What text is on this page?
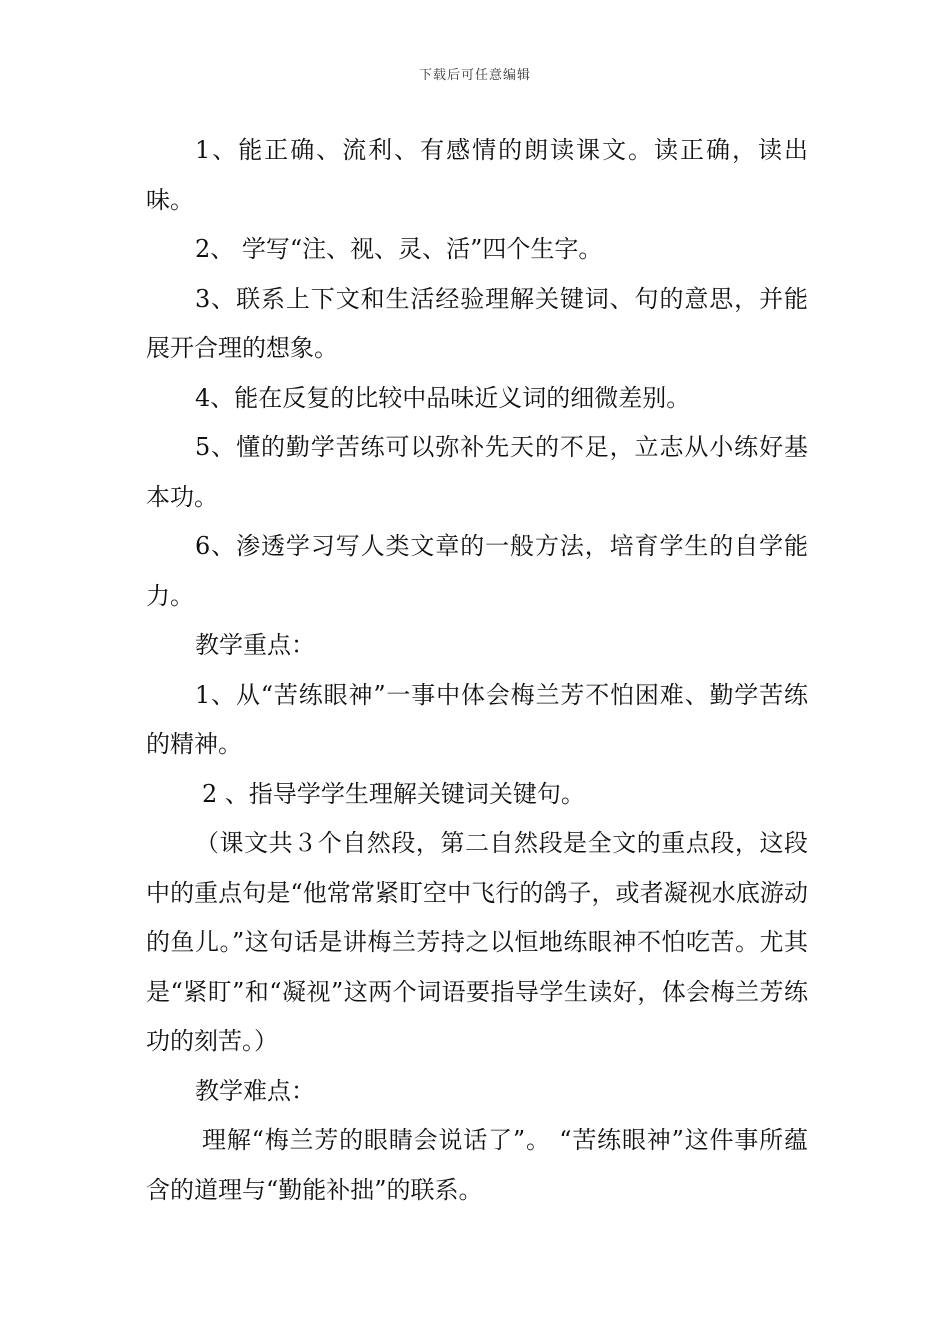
下载后可任意编辑

1、能正确、流利、有感情的朗读课文。读正确，读出味。

2、 学写“注、视、灵、活”四个生字。

3、联系上下文和生活经验理解关键词、句的意思，并能展开合理的想象。

4、能在反复的比较中品味近义词的细微差别。

5、懂的勤学苦练可以弥补先天的不足，立志从小练好基本功。

6、渗透学习写人类文章的一般方法，培育学生的自学能力。

教学重点：

1、从“苦练眼神”一事中体会梅兰芳不怕困难、勤学苦练的精神。

2 、指导学学生理解关键词关键句。

（课文共３个自然段，第二自然段是全文的重点段，这段中的重点句是“他常常紧盯空中飞行的鸽子，或者凝视水底游动的鱼儿。”这句话是讲梅兰芳持之以恒地练眼神不怕吃苦。尤其是“紧盯”和“凝视”这两个词语要指导学生读好，体会梅兰芳练功的刻苦。）

教学难点：

理解“梅兰芳的眼睛会说话了”。 “苦练眼神”这件事所蕴含的道理与“勤能补拙”的联系。
